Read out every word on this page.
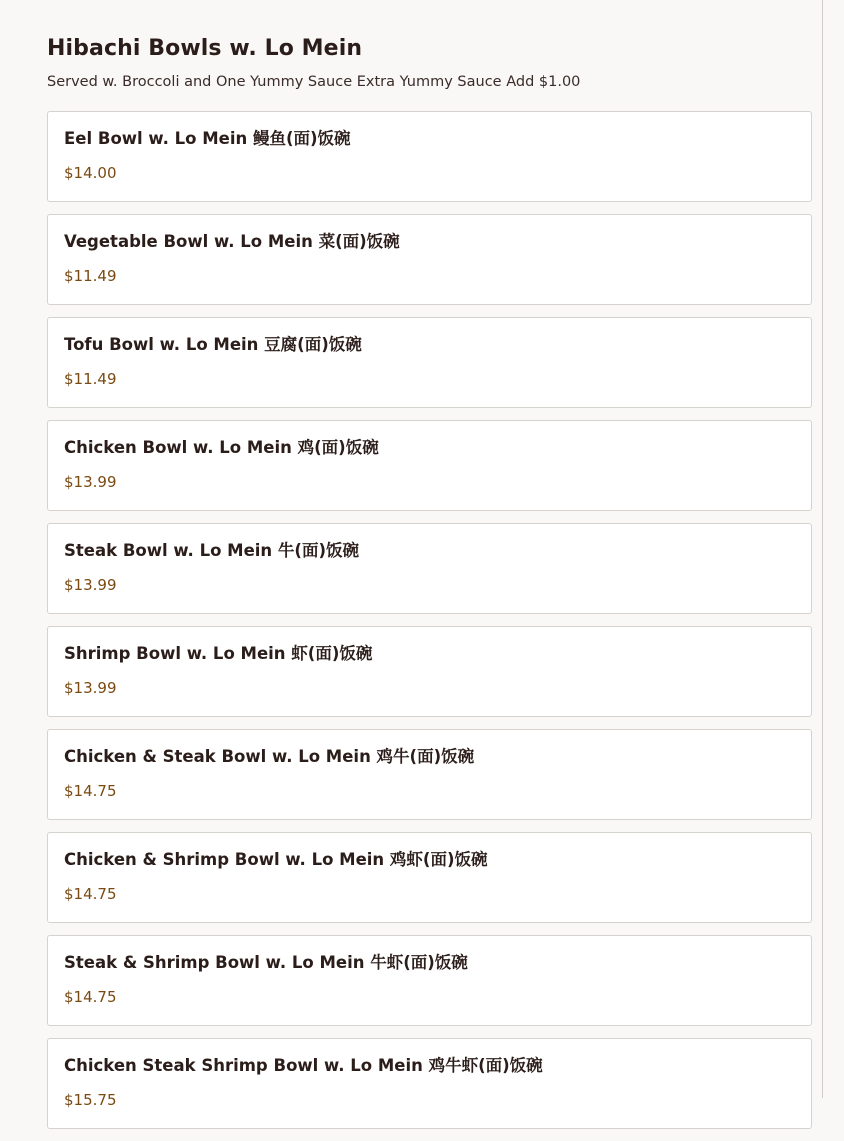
Hibachi Bowls w. Lo Mein

Served w. Broccoli and One Yummy Sauce Extra Yummy Sauce Add $1.00

Eel Bowl w. Lo Mein 鳗鱼(面)饭碗
$14.00
Vegetable Bowl w. Lo Mein 菜(面)饭碗
$11.49
Tofu Bowl w. Lo Mein 豆腐(面)饭碗
$11.49
Chicken Bowl w. Lo Mein 鸡(面)饭碗
$13.99
Steak Bowl w. Lo Mein 牛(面)饭碗
$13.99
Shrimp Bowl w. Lo Mein 虾(面)饭碗
$13.99
Chicken & Steak Bowl w. Lo Mein 鸡牛(面)饭碗
$14.75
Chicken & Shrimp Bowl w. Lo Mein 鸡虾(面)饭碗
$14.75
Steak & Shrimp Bowl w. Lo Mein 牛虾(面)饭碗
$14.75
Chicken Steak Shrimp Bowl w. Lo Mein 鸡牛虾(面)饭碗
$15.75
